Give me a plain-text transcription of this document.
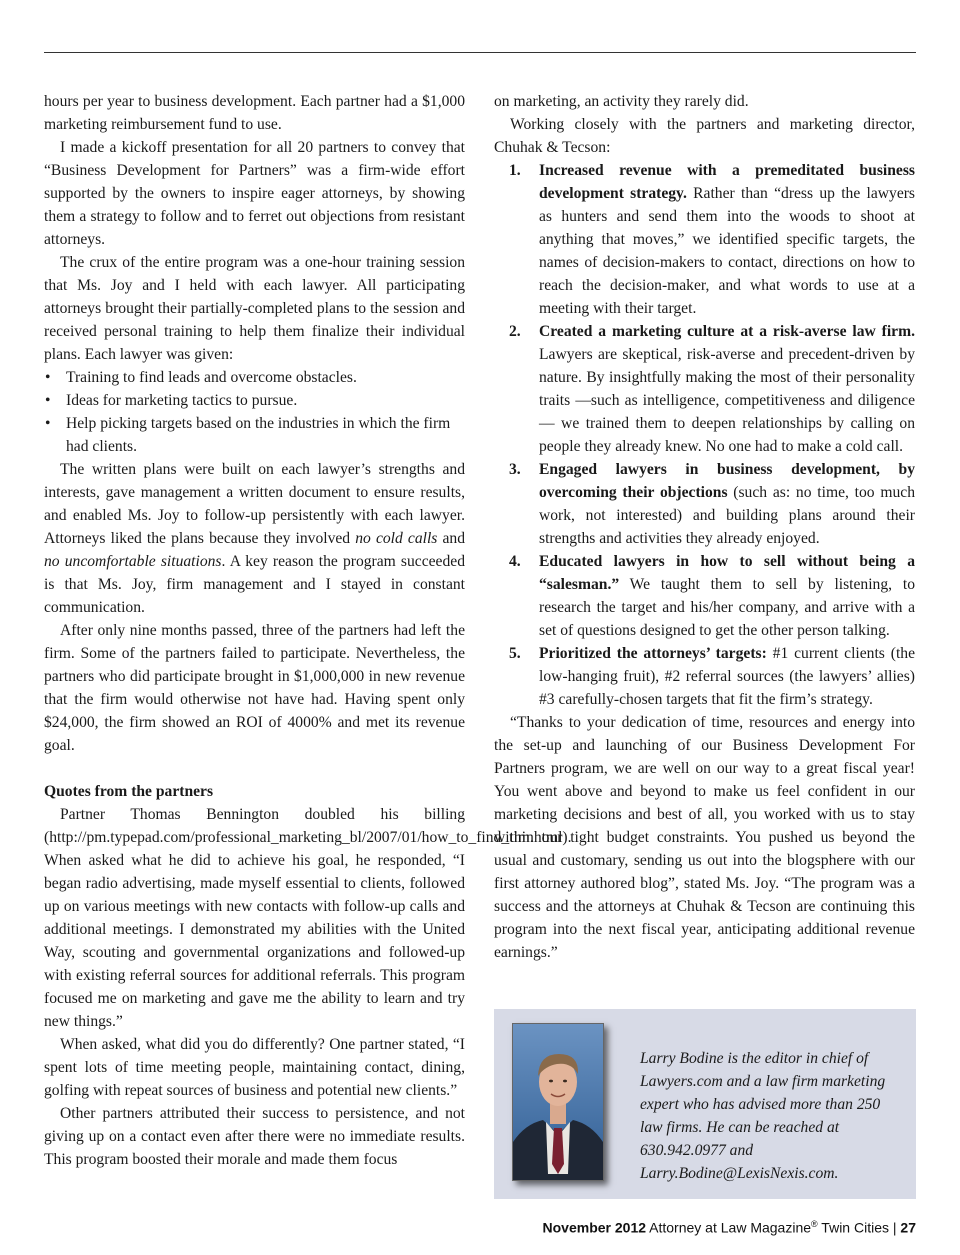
hours per year to business development. Each partner had a $1,000 marketing reimbursement fund to use.

I made a kickoff presentation for all 20 partners to convey that “Business Development for Partners” was a firm-wide effort supported by the owners to inspire eager attorneys, by showing them a strategy to follow and to ferret out objections from resistant attorneys.

The crux of the entire program was a one-hour training session that Ms. Joy and I held with each lawyer. All participating attorneys brought their partially-completed plans to the session and received personal training to help them finalize their individual plans. Each lawyer was given:

• Training to find leads and overcome obstacles.
• Ideas for marketing tactics to pursue.
• Help picking targets based on the industries in which the firm had clients.

The written plans were built on each lawyer’s strengths and interests, gave management a written document to ensure results, and enabled Ms. Joy to follow-up persistently with each lawyer. Attorneys liked the plans because they involved no cold calls and no uncomfortable situations. A key reason the program succeeded is that Ms. Joy, firm management and I stayed in constant communication.

After only nine months passed, three of the partners had left the firm. Some of the partners failed to participate. Nevertheless, the partners who did participate brought in $1,000,000 in new revenue that the firm would otherwise not have had. Having spent only $24,000, the firm showed an ROI of 4000% and met its revenue goal.

Quotes from the partners

Partner Thomas Bennington doubled his billing (http://pm.typepad.com/professional_marketing_bl/2007/01/how_to_find_tim.html). When asked what he did to achieve his goal, he responded, “I began radio advertising, made myself essential to clients, followed up on various meetings with new contacts with follow-up calls and additional meetings. I demonstrated my abilities with the United Way, scouting and governmental organizations and followed-up with existing referral sources for additional referrals. This program focused me on marketing and gave me the ability to learn and try new things.”

When asked, what did you do differently? One partner stated, “I spent lots of time meeting people, maintaining contact, dining, golfing with repeat sources of business and potential new clients.”

Other partners attributed their success to persistence, and not giving up on a contact even after there were no immediate results. This program boosted their morale and made them focus

on marketing, an activity they rarely did.

Working closely with the partners and marketing director, Chuhak & Tecson:

1. Increased revenue with a premeditated business development strategy. Rather than “dress up the lawyers as hunters and send them into the woods to shoot at anything that moves,” we identified specific targets, the names of decision-makers to contact, directions on how to reach the decision-maker, and what words to use at a meeting with their target.
2. Created a marketing culture at a risk-averse law firm. Lawyers are skeptical, risk-averse and precedent-driven by nature. By insightfully making the most of their personality traits —such as intelligence, competitiveness and diligence — we trained them to deepen relationships by calling on people they already knew. No one had to make a cold call.
3. Engaged lawyers in business development, by overcoming their objections (such as: no time, too much work, not interested) and building plans around their strengths and activities they already enjoyed.
4. Educated lawyers in how to sell without being a “salesman.” We taught them to sell by listening, to research the target and his/her company, and arrive with a set of questions designed to get the other person talking.
5. Prioritized the attorneys’ targets: #1 current clients (the low-hanging fruit), #2 referral sources (the lawyers’ allies) #3 carefully-chosen targets that fit the firm’s strategy.

“Thanks to your dedication of time, resources and energy into the set-up and launching of our Business Development For Partners program, we are well on our way to a great fiscal year! You went above and beyond to make us feel confident in our marketing decisions and best of all, you worked with us to stay within our tight budget constraints. You pushed us beyond the usual and customary, sending us out into the blogsphere with our first attorney authored blog”, stated Ms. Joy. “The program was a success and the attorneys at Chuhak & Tecson are continuing this program into the next fiscal year, anticipating additional revenue earnings.”

Larry Bodine is the editor in chief of Lawyers.com and a law firm marketing expert who has advised more than 250 law firms. He can be reached at 630.942.0977 and Larry.Bodine@LexisNexis.com.
November 2012 Attorney at Law Magazine® Twin Cities | 27
